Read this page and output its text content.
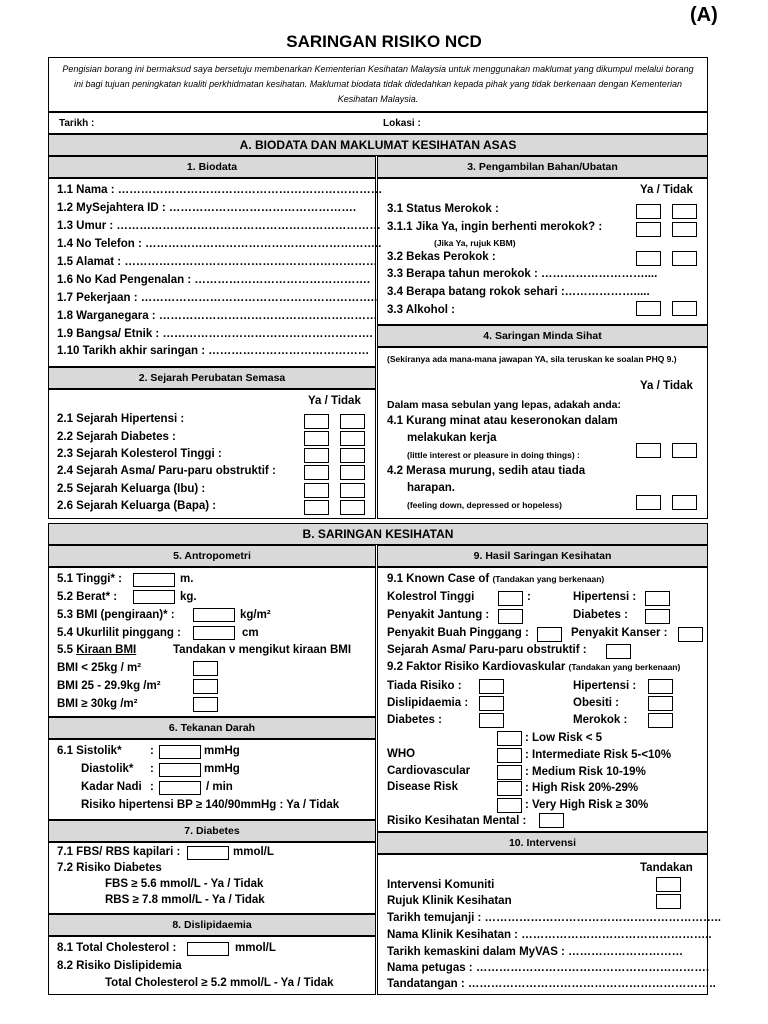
(A)
SARINGAN RISIKO NCD
Pengisian borang ini bermaksud saya bersetuju membenarkan Kementerian Kesihatan Malaysia untuk menggunakan maklumat yang dikumpul melalui borang ini bagi tujuan peningkatan kualiti perkhidmatan kesihatan. Maklumat biodata tidak didedahkan kepada pihak yang tidak berkenaan dengan Kementerian Kesihatan Malaysia.
Tarikh :	Lokasi :
A. BIODATA DAN MAKLUMAT KESIHATAN ASAS
1. Biodata
1.1 Nama : ……………………………………………………………
1.2 MySejahtera ID : ………………………………………….
1.3 Umur : ……………………………………………………………
1.4 No Telefon : ……………………………………………………..
1.5 Alamat : …………………………………………………………
1.6 No Kad Pengenalan : ……………………………………….
1.7 Pekerjaan : ……………………………………………………..
1.8 Warganegara : …………………………………………………
1.9 Bangsa/ Etnik : ……………………………………………….
1.10 Tarikh akhir saringan : ……………………………………
2. Sejarah Perubatan Semasa
Ya / Tidak
2.1 Sejarah Hipertensi :
2.2 Sejarah Diabetes :
2.3 Sejarah Kolesterol Tinggi :
2.4 Sejarah Asma/ Paru-paru obstruktif :
2.5 Sejarah Keluarga (Ibu) :
2.6 Sejarah Keluarga (Bapa) :
3. Pengambilan Bahan/Ubatan
Ya / Tidak
3.1 Status Merokok :
3.1.1 Jika Ya, ingin berhenti merokok? :
(Jika Ya, rujuk KBM)
3.2 Bekas Perokok :
3.3 Berapa tahun merokok : ………………………....
3.4 Berapa batang rokok sehari :……………….....
3.3 Alkohol :
4. Saringan Minda Sihat
(Sekiranya ada mana-mana jawapan YA, sila teruskan ke soalan PHQ 9.)
Ya / Tidak
Dalam masa sebulan yang lepas, adakah anda:
4.1 Kurang minat atau keseronokan dalam
melakukan kerja
(little interest or pleasure in doing things) :
4.2 Merasa murung, sedih atau tiada
harapan.
(feeling down, depressed or hopeless)
B. SARINGAN KESIHATAN
5. Antropometri
5.1 Tinggi* :	m.
5.2 Berat* :	kg.
5.3 BMI (pengiraan)* :	kg/m²
5.4 Ukurlilit pinggang :	cm
5.5 Kiraan BMI	Tandakan ν mengikut kiraan BMI
BMI < 25kg / m²
BMI 25 - 29.9kg /m²
BMI ≥ 30kg /m²
6. Tekanan Darah
6.1 Sistolik* :	mmHg
Diastolik* :	mmHg
Kadar Nadi :	/ min
Risiko hipertensi BP ≥ 140/90mmHg : Ya / Tidak
7. Diabetes
7.1 FBS/ RBS kapilari :	mmol/L
7.2 Risiko Diabetes
FBS ≥ 5.6 mmol/L - Ya / Tidak
RBS ≥ 7.8 mmol/L - Ya / Tidak
8. Dislipidaemia
8.1 Total Cholesterol :	mmol/L
8.2 Risiko Dislipidemia
Total Cholesterol ≥ 5.2 mmol/L - Ya / Tidak
9. Hasil Saringan Kesihatan
9.1 Known Case of (Tandakan yang berkenaan)
Kolestrol Tinggi	:	Hipertensi :
Penyakit Jantung :	Diabetes :
Penyakit Buah Pinggang :	Penyakit Kanser :
Sejarah Asma/ Paru-paru obstruktif :
9.2 Faktor Risiko Kardiovaskular (Tandakan yang berkenaan)
Tiada Risiko :	Hipertensi :
Dislipidaemia :	Obesiti :
Diabetes :	Merokok :
WHO
Cardiovascular
Disease Risk
: Low Risk < 5
: Intermediate Risk 5-<10%
: Medium Risk 10-19%
: High Risk 20%-29%
: Very High Risk ≥ 30%
Risiko Kesihatan Mental :
10. Intervensi
Tandakan
Intervensi Komuniti
Rujuk Klinik Kesihatan
Tarikh temujanji : ……………………………………………………..
Nama Klinik Kesihatan : …………………………………………..
Tarikh kemaskini dalam MyVAS : …………………………
Nama petugas : …………………………………………………….
Tandatangan : ………………………………………………………..
